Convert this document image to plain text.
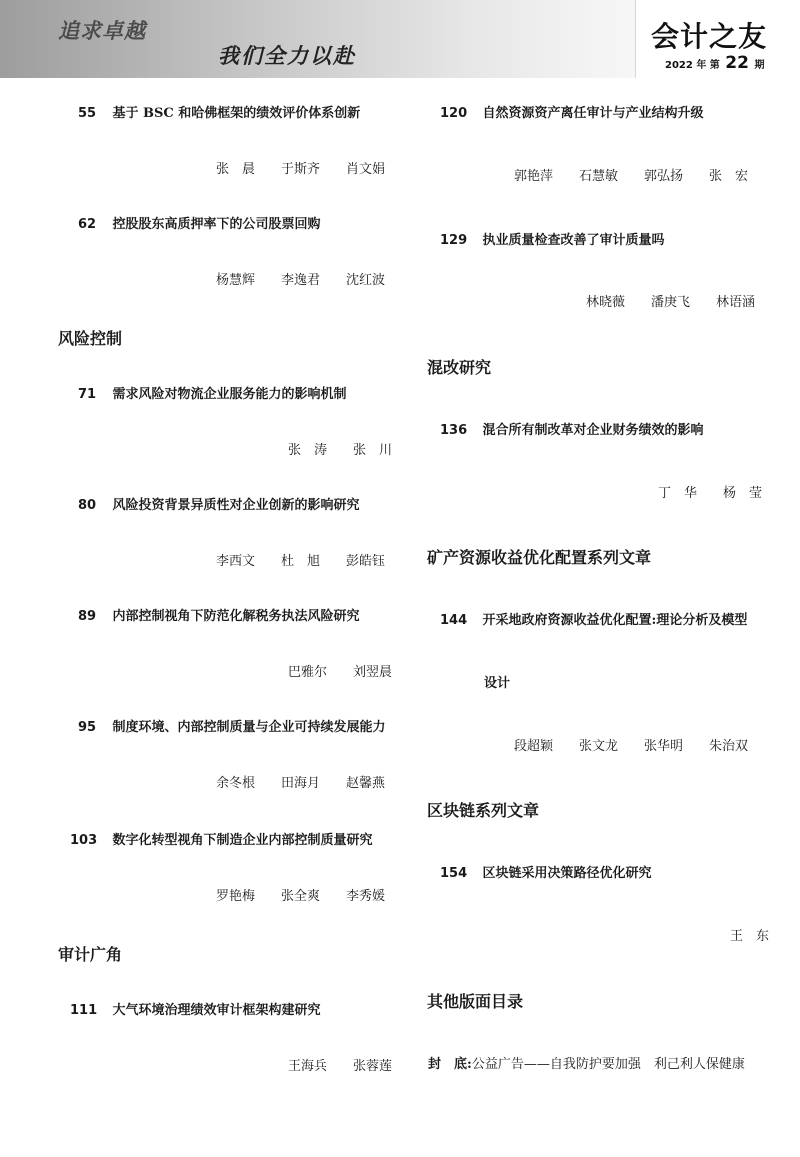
追求卓越
我们全力以赴
会计之友
2022 年 第 22 期
55 基于 BSC 和哈佛框架的绩效评价体系创新
张　晨 于斯齐 肖文娟
62 控股股东高质押率下的公司股票回购
杨慧辉 李逸君 沈红波
风险控制
71 需求风险对物流企业服务能力的影响机制
张　涛 张　川
80 风险投资背景异质性对企业创新的影响研究
李西文 杜　旭 彭皓钰
89 内部控制视角下防范化解税务执法风险研究
巴雅尔 刘翌晨
95 制度环境、内部控制质量与企业可持续发展能力
余冬根 田海月 赵馨燕
103 数字化转型视角下制造企业内部控制质量研究
罗艳梅 张全爽 李秀媛
审计广角
111 大气环境治理绩效审计框架构建研究
王海兵 张蓉莲
120 自然资源资产离任审计与产业结构升级
郭艳萍 石慧敏 郭弘扬 张　宏
129 执业质量检查改善了审计质量吗
林晓薇 潘庚飞 林语涵
混改研究
136 混合所有制改革对企业财务绩效的影响
丁　华 杨　莹
矿产资源收益优化配置系列文章
144 开采地政府资源收益优化配置:理论分析及模型
设计
段超颖 张文龙 张华明 朱治双
区块链系列文章
154 区块链采用决策路径优化研究
王　东
其他版面目录
封　底:公益广告——自我防护要加强　利己利人保健康
